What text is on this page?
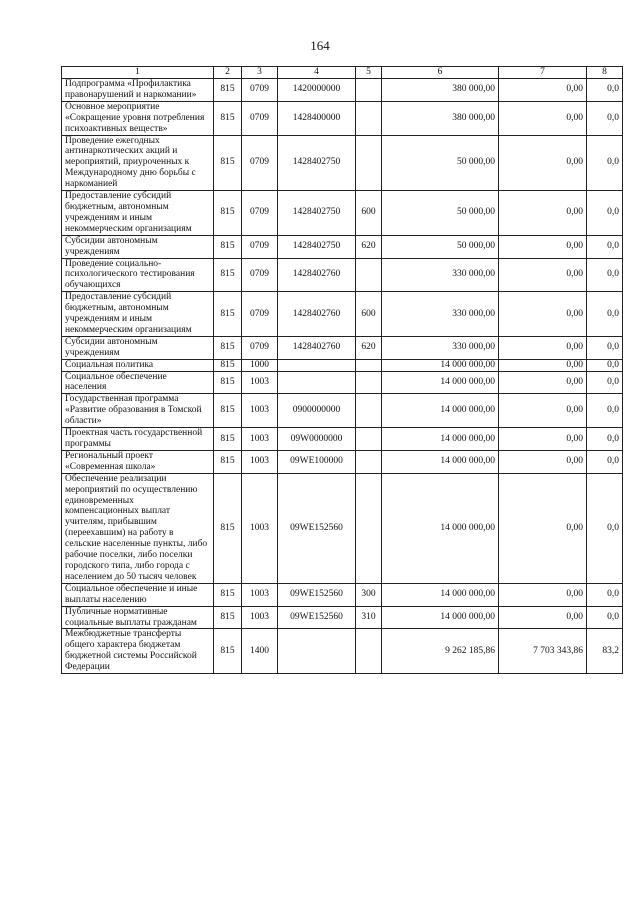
164
1	2	3	4	5	6	7	8
Подпрограмма «Профилактика правонарушений и наркомании»	815	0709	1420000000		380 000,00	0,00	0,0
Основное мероприятие «Сокращение уровня потребления психоактивных веществ»	815	0709	1428400000		380 000,00	0,00	0,0
Проведение ежегодных антинаркотических акций и мероприятий, приуроченных к Международному дню борьбы с наркоманией	815	0709	1428402750		50 000,00	0,00	0,0
Предоставление субсидий бюджетным, автономным учреждениям и иным некоммерческим организациям	815	0709	1428402750	600	50 000,00	0,00	0,0
Субсидии автономным учреждениям	815	0709	1428402750	620	50 000,00	0,00	0,0
Проведение социально-психологического тестирования обучающихся	815	0709	1428402760		330 000,00	0,00	0,0
Предоставление субсидий бюджетным, автономным учреждениям и иным некоммерческим организациям	815	0709	1428402760	600	330 000,00	0,00	0,0
Субсидии автономным учреждениям	815	0709	1428402760	620	330 000,00	0,00	0,0
Социальная политика	815	1000			14 000 000,00	0,00	0,0
Социальное обеспечение населения	815	1003			14 000 000,00	0,00	0,0
Государственная программа «Развитие образования в Томской области»	815	1003	0900000000		14 000 000,00	0,00	0,0
Проектная часть государственной программы	815	1003	09W0000000		14 000 000,00	0,00	0,0
Региональный проект «Современная школа»	815	1003	09WE100000		14 000 000,00	0,00	0,0
Обеспечение реализации мероприятий по осуществлению единовременных компенсационных выплат учителям, прибывшим (переехавшим) на работу в сельские населенные пункты, либо рабочие поселки, либо поселки городского типа, либо города с населением до 50 тысяч человек	815	1003	09WE152560		14 000 000,00	0,00	0,0
Социальное обеспечение и иные выплаты населению	815	1003	09WE152560	300	14 000 000,00	0,00	0,0
Публичные нормативные социальные выплаты гражданам	815	1003	09WE152560	310	14 000 000,00	0,00	0,0
Межбюджетные трансферты общего характера бюджетам бюджетной системы Российской Федерации	815	1400			9 262 185,86	7 703 343,86	83,2
